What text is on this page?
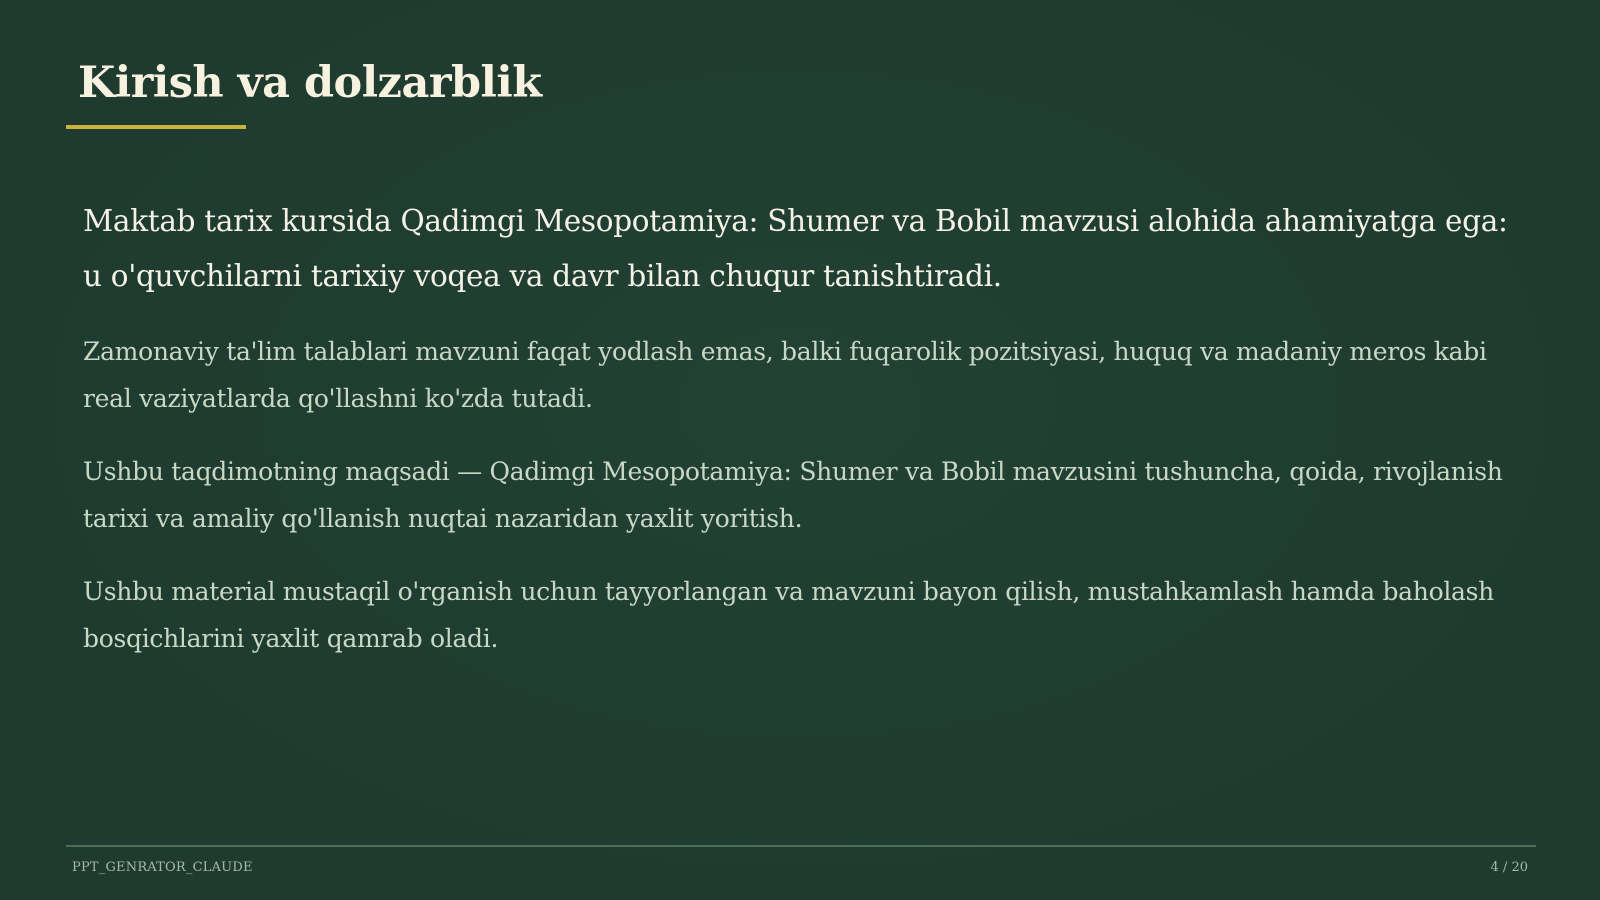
Kirish va dolzarblik

Maktab tarix kursida Qadimgi Mesopotamiya: Shumer va Bobil mavzusi alohida ahamiyatga ega: u o'quvchilarni tarixiy voqea va davr bilan chuqur tanishtiradi.

Zamonaviy ta'lim talablari mavzuni faqat yodlash emas, balki fuqarolik pozitsiyasi, huquq va madaniy meros kabi real vaziyatlarda qo'llashni ko'zda tutadi.

Ushbu taqdimotning maqsadi — Qadimgi Mesopotamiya: Shumer va Bobil mavzusini tushuncha, qoida, rivojlanish tarixi va amaliy qo'llanish nuqtai nazaridan yaxlit yoritish.

Ushbu material mustaqil o'rganish uchun tayyorlangan va mavzuni bayon qilish, mustahkamlash hamda baholash bosqichlarini yaxlit qamrab oladi.

PPT_GENRATOR_CLAUDE	4 / 20
